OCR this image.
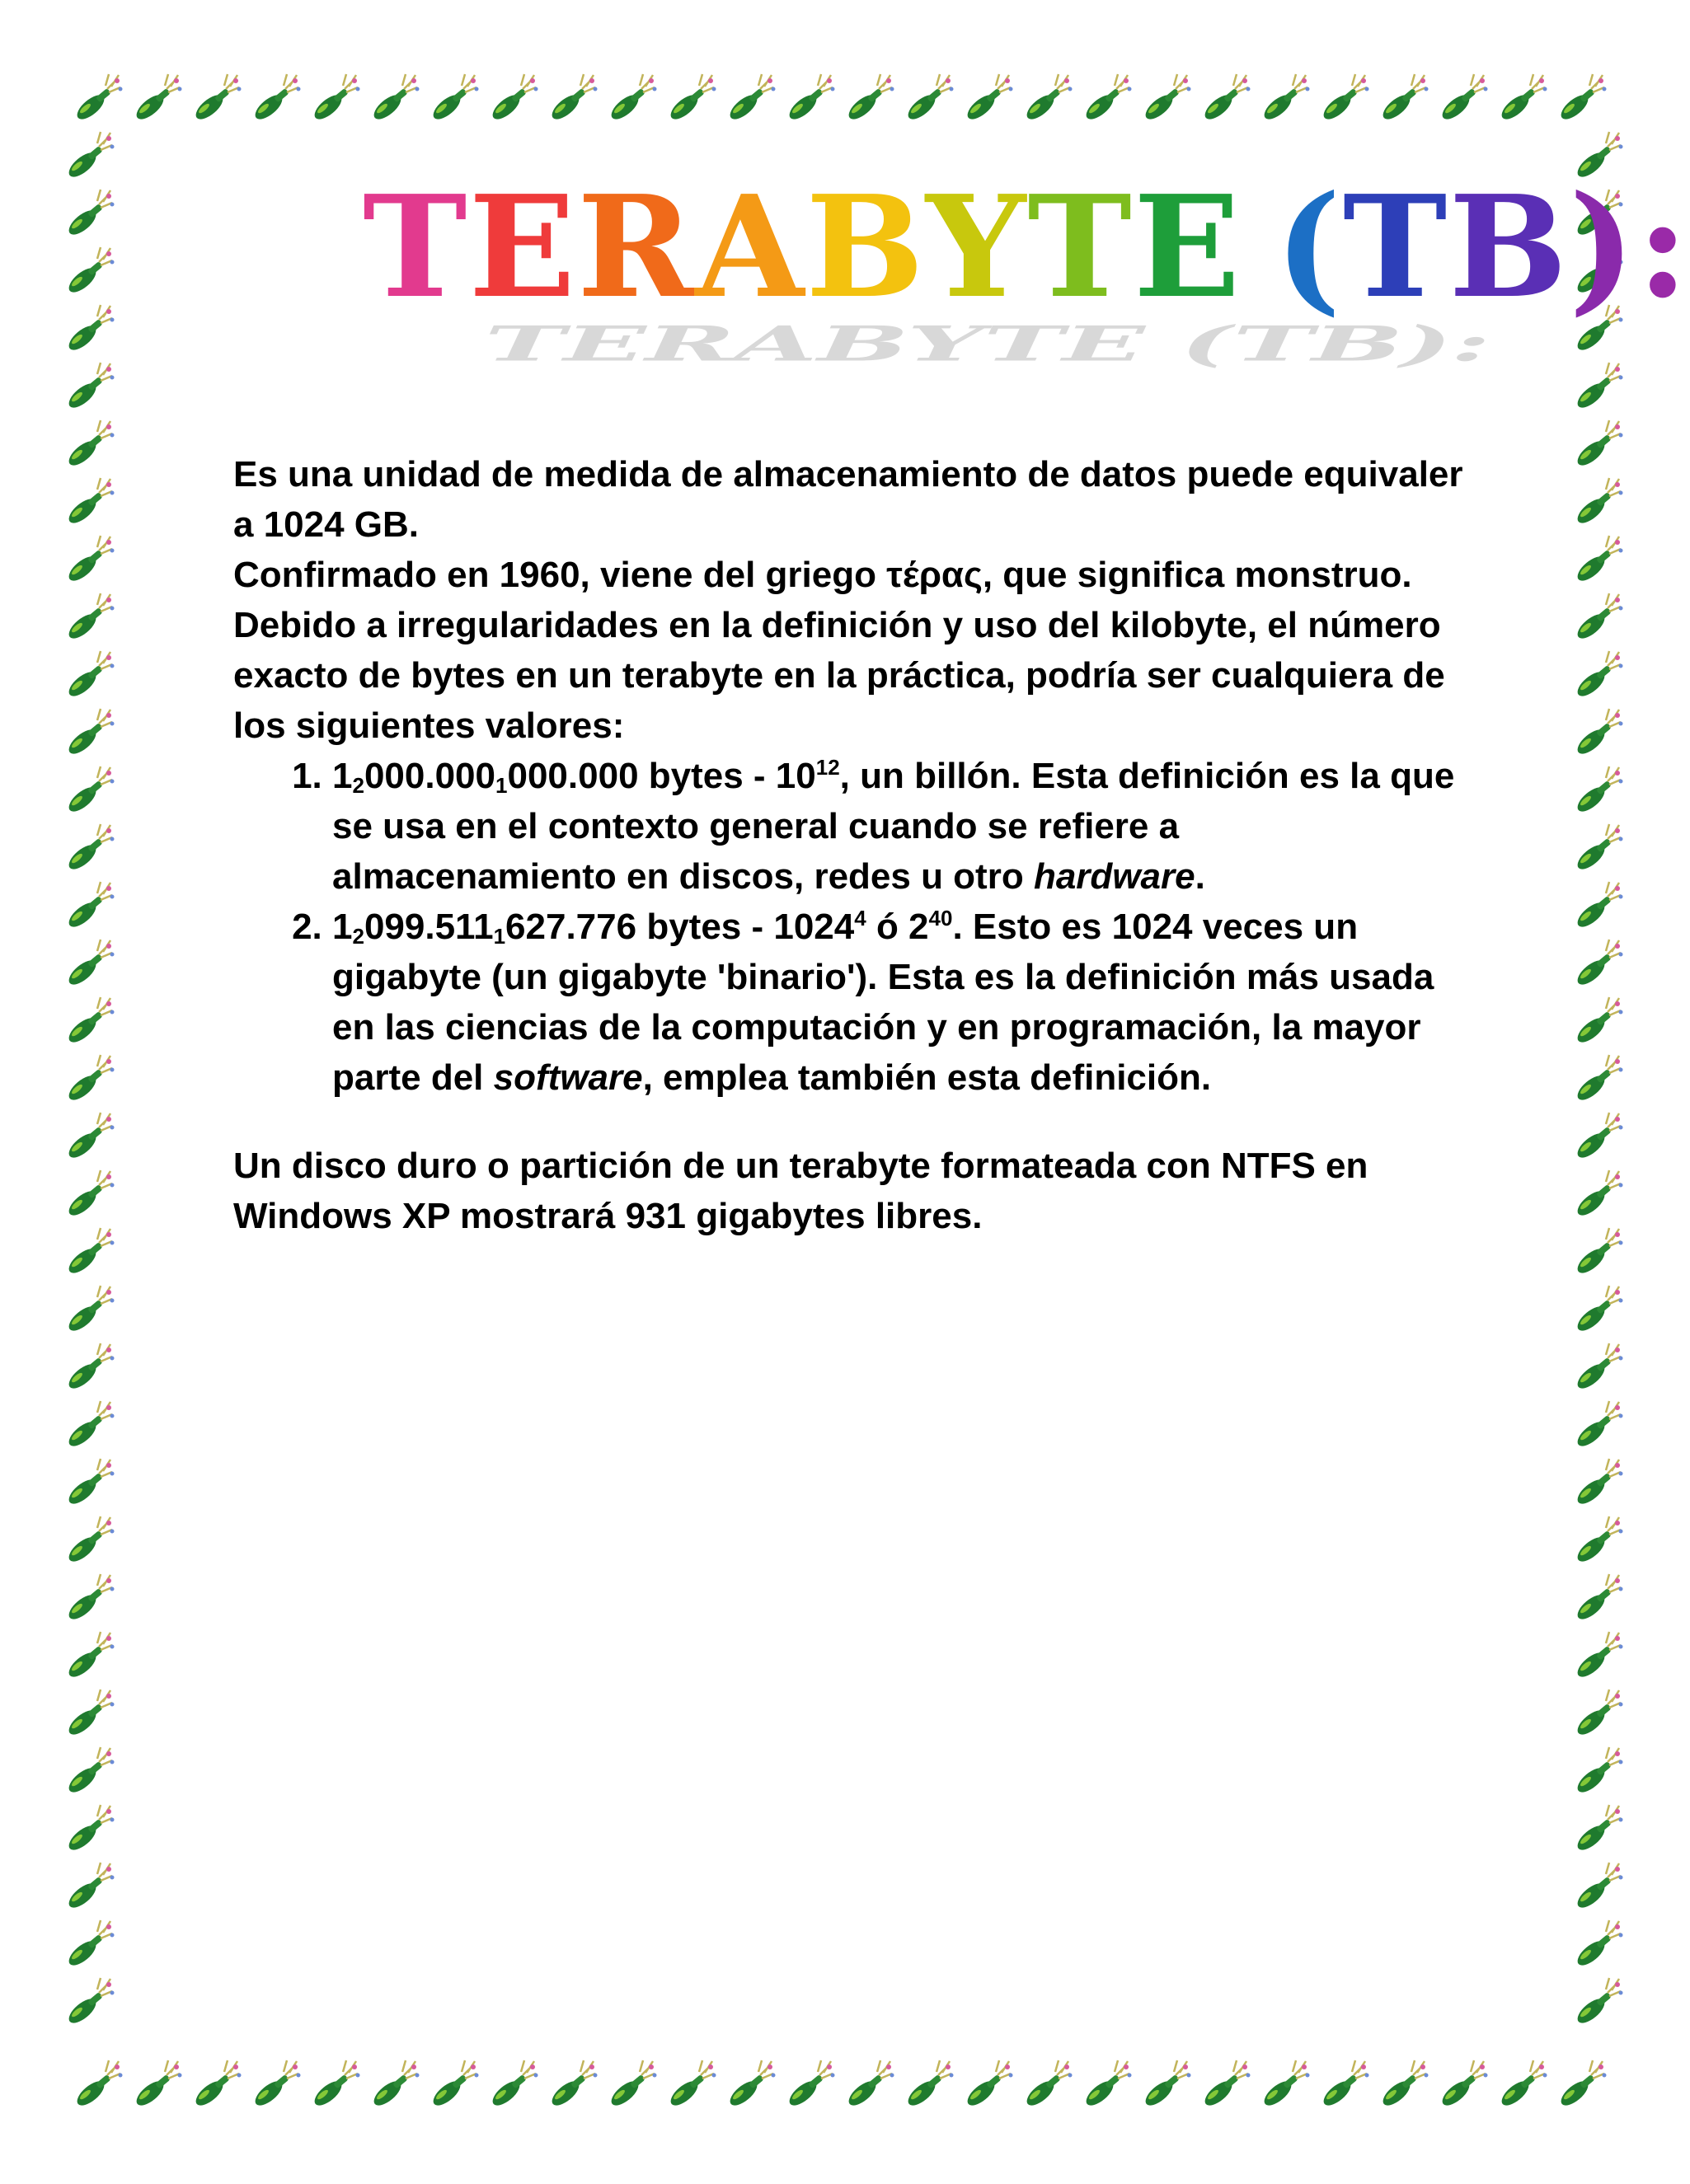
TERABYTE (TB):
T E R A B Y T E ( T B ) :

Es una unidad de medida de almacenamiento de datos puede equivaler a 1024 GB.

Confirmado en 1960, viene del griego τέρας, que significa monstruo. Debido a irregularidades en la definición y uso del kilobyte, el número exacto de bytes en un terabyte en la práctica, podría ser cualquiera de los siguientes valores:

1. 12000.0001000.000 bytes - $10^{12}$, un billón. Esta definición es la que se usa en el contexto general cuando se refiere a almacenamiento en discos, redes u otro hardware.
2. 12099.5111627.776 bytes - 1024$^4$ ó $2^{40}$. Esto es 1024 veces un gigabyte (un gigabyte 'binario'). Esta es la definición más usada en las ciencias de la computación y en programación, la mayor parte del software, emplea también esta definición.

Un disco duro o partición de un terabyte formateada con NTFS en Windows XP mostrará 931 gigabytes libres.
